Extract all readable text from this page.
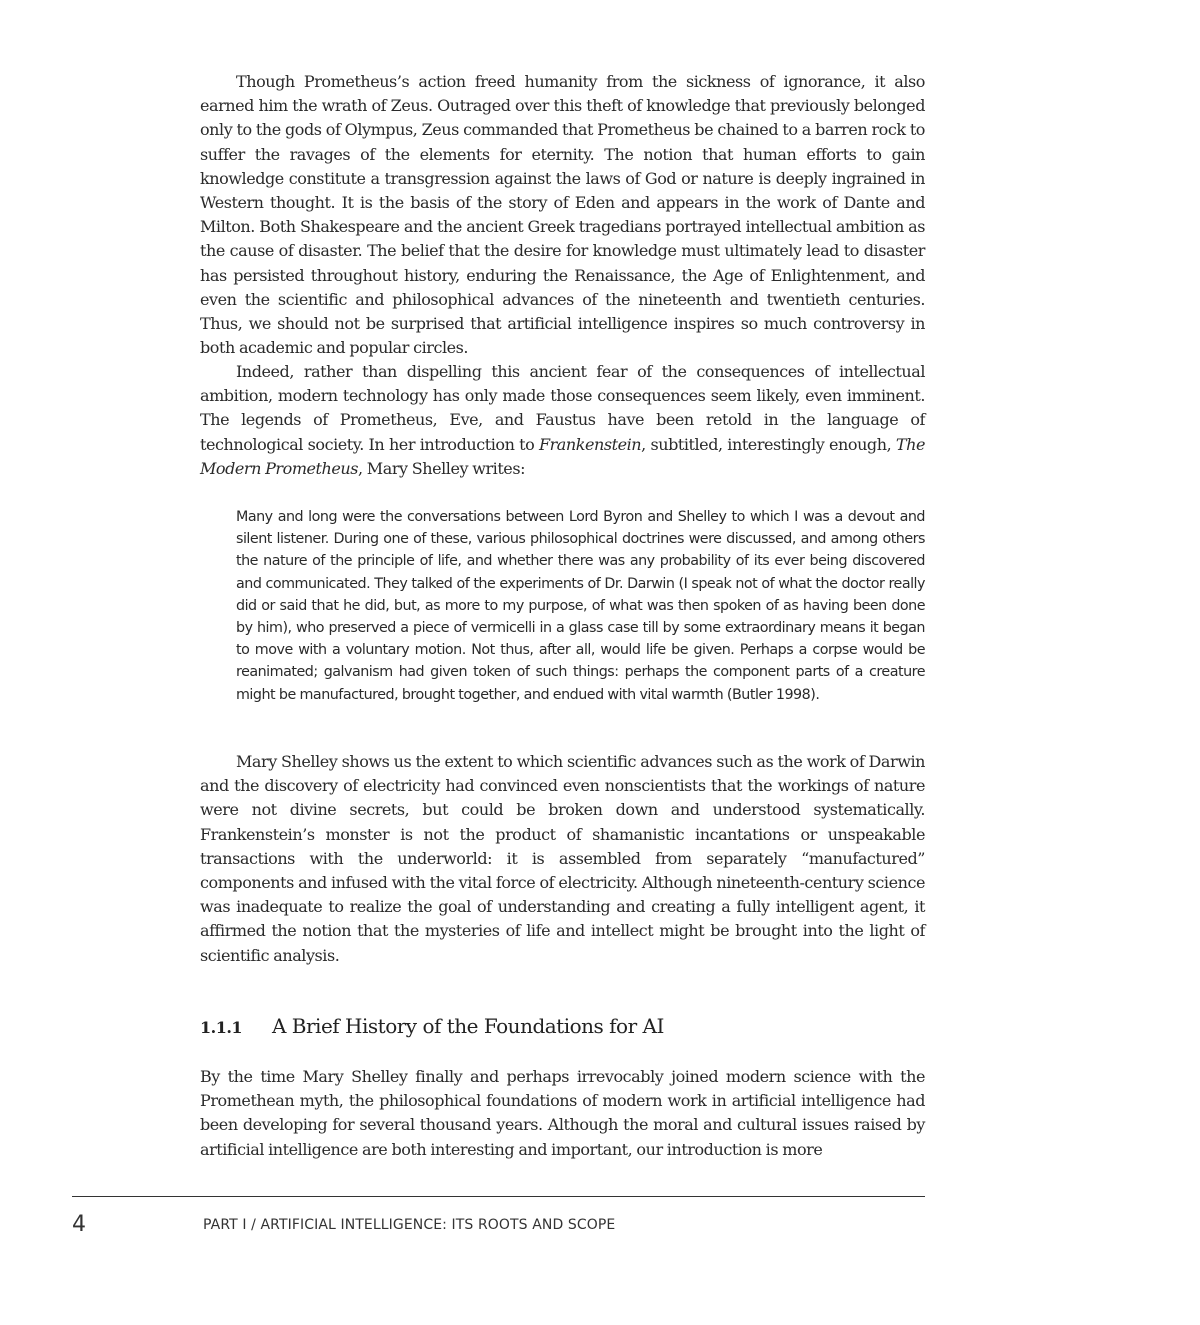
Though Prometheus’s action freed humanity from the sickness of ignorance, it also earned him the wrath of Zeus. Outraged over this theft of knowledge that previously belonged only to the gods of Olympus, Zeus commanded that Prometheus be chained to a barren rock to suffer the ravages of the elements for eternity. The notion that human efforts to gain knowledge constitute a transgression against the laws of God or nature is deeply ingrained in Western thought. It is the basis of the story of Eden and appears in the work of Dante and Milton. Both Shakespeare and the ancient Greek tragedians portrayed intellectual ambition as the cause of disaster. The belief that the desire for knowledge must ultimately lead to disaster has persisted throughout history, enduring the Renaissance, the Age of Enlightenment, and even the scientific and philosophical advances of the nineteenth and twentieth centuries. Thus, we should not be surprised that artificial intelligence inspires so much controversy in both academic and popular circles.

Indeed, rather than dispelling this ancient fear of the consequences of intellectual ambition, modern technology has only made those consequences seem likely, even imminent. The legends of Prometheus, Eve, and Faustus have been retold in the language of technological society. In her introduction to Frankenstein, subtitled, interestingly enough, The Modern Prometheus, Mary Shelley writes:

Many and long were the conversations between Lord Byron and Shelley to which I was a devout and silent listener. During one of these, various philosophical doctrines were discussed, and among others the nature of the principle of life, and whether there was any probability of its ever being discovered and communicated. They talked of the experiments of Dr. Darwin (I speak not of what the doctor really did or said that he did, but, as more to my purpose, of what was then spoken of as having been done by him), who preserved a piece of vermicelli in a glass case till by some extraordinary means it began to move with a voluntary motion. Not thus, after all, would life be given. Perhaps a corpse would be reanimated; galvanism had given token of such things: perhaps the component parts of a creature might be manufactured, brought together, and endued with vital warmth (Butler 1998).

Mary Shelley shows us the extent to which scientific advances such as the work of Darwin and the discovery of electricity had convinced even nonscientists that the workings of nature were not divine secrets, but could be broken down and understood systematically. Frankenstein’s monster is not the product of shamanistic incantations or unspeakable transactions with the underworld: it is assembled from separately “manufactured” components and infused with the vital force of electricity. Although nineteenth-century science was inadequate to realize the goal of understanding and creating a fully intelligent agent, it affirmed the notion that the mysteries of life and intellect might be brought into the light of scientific analysis.

1.1.1 A Brief History of the Foundations for AI

By the time Mary Shelley finally and perhaps irrevocably joined modern science with the Promethean myth, the philosophical foundations of modern work in artificial intelligence had been developing for several thousand years. Although the moral and cultural issues raised by artificial intelligence are both interesting and important, our introduction is more

4	PART I / ARTIFICIAL INTELLIGENCE: ITS ROOTS AND SCOPE
